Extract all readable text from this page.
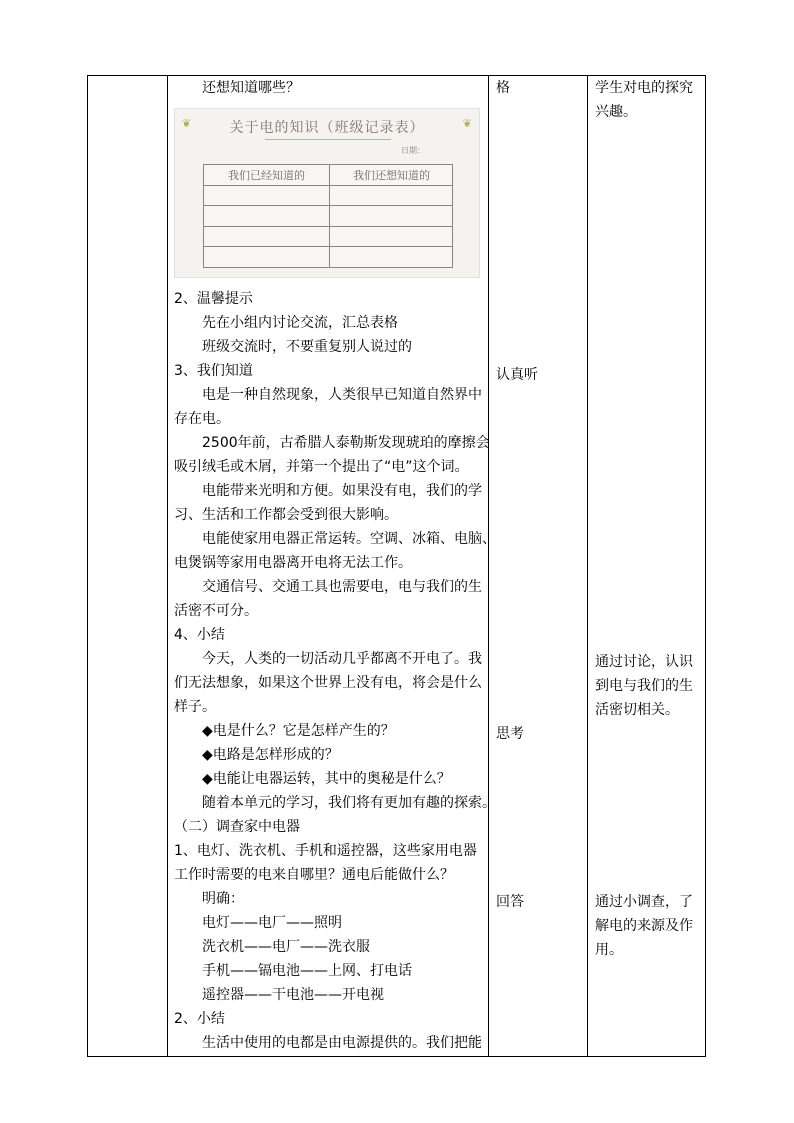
还想知道哪些？
❦	❦
关于电的知识（班级记录表）
日期：
我们已经知道的	我们还想知道的
2、温馨提示
先在小组内讨论交流，汇总表格
班级交流时，不要重复别人说过的
3、我们知道
电是一种自然现象，人类很早已知道自然界中
存在电。
2500年前，古希腊人泰勒斯发现琥珀的摩擦会
吸引绒毛或木屑，并第一个提出了“电”这个词。
电能带来光明和方便。如果没有电，我们的学
习、生活和工作都会受到很大影响。
电能使家用电器正常运转。空调、冰箱、电脑、
电煲锅等家用电器离开电将无法工作。
交通信号、交通工具也需要电，电与我们的生
活密不可分。
4、小结
今天，人类的一切活动几乎都离不开电了。我
们无法想象，如果这个世界上没有电，将会是什么
样子。
◆电是什么？它是怎样产生的？
◆电路是怎样形成的？
◆电能让电器运转，其中的奥秘是什么？
随着本单元的学习，我们将有更加有趣的探索。
（二）调查家中电器
1、电灯、洗衣机、手机和遥控器，这些家用电器
工作时需要的电来自哪里？通电后能做什么？
明确：
电灯——电厂——照明
洗衣机——电厂——洗衣服
手机——镉电池——上网、打电话
遥控器——干电池——开电视
2、小结
生活中使用的电都是由电源提供的。我们把能
格
认真听
思考
回答
学生对电的探究
兴趣。
通过讨论，认识
到电与我们的生
活密切相关。
通过小调查，了
解电的来源及作
用。
